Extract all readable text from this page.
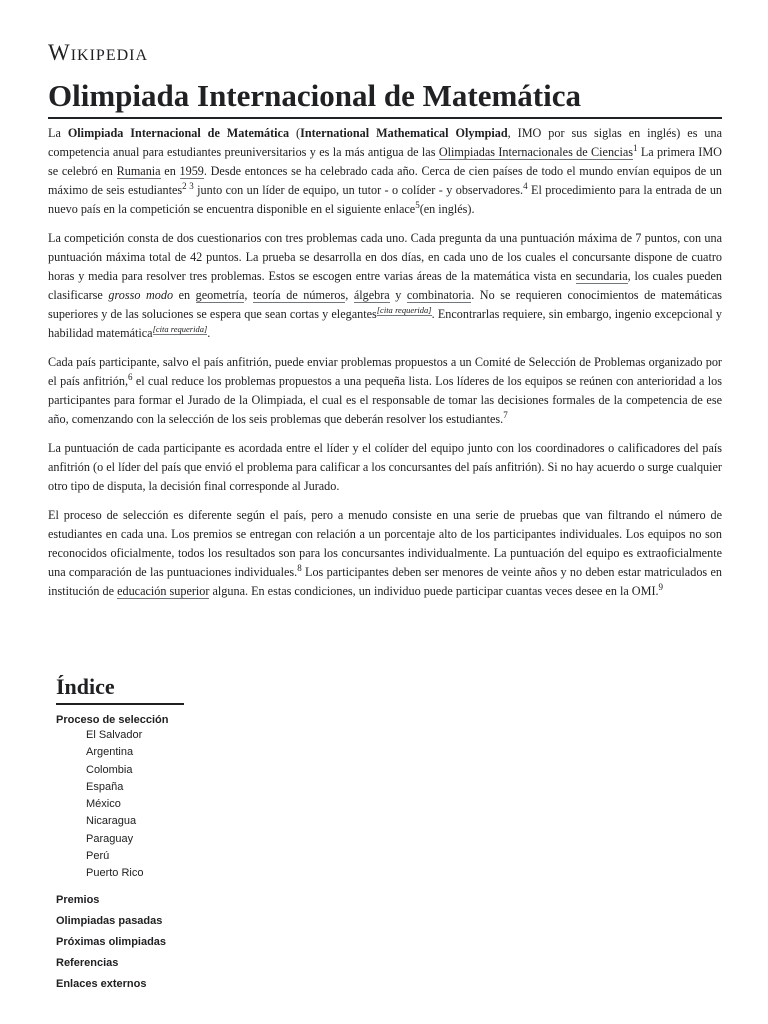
Wikipedia
Olimpiada Internacional de Matemática

La Olimpiada Internacional de Matemática (International Mathematical Olympiad, IMO por sus siglas en inglés) es una competencia anual para estudiantes preuniversitarios y es la más antigua de las Olimpiadas Internacionales de Ciencias$^1$ La primera IMO se celebró en Rumania en 1959. Desde entonces se ha celebrado cada año. Cerca de cien países de todo el mundo envían equipos de un máximo de seis estudiantes$^{2 3}$ junto con un líder de equipo, un tutor - o colíder - y observadores.$^4$ El procedimiento para la entrada de un nuevo país en la competición se encuentra disponible en el siguiente enlace$^5$(en inglés).

La competición consta de dos cuestionarios con tres problemas cada uno. Cada pregunta da una puntuación máxima de 7 puntos, con una puntuación máxima total de 42 puntos. La prueba se desarrolla en dos días, en cada uno de los cuales el concursante dispone de cuatro horas y media para resolver tres problemas. Estos se escogen entre varias áreas de la matemática vista en secundaria, los cuales pueden clasificarse grosso modo en geometría, teoría de números, álgebra y combinatoria. No se requieren conocimientos de matemáticas superiores y de las soluciones se espera que sean cortas y elegantes[cita requerida]. Encontrarlas requiere, sin embargo, ingenio excepcional y habilidad matemática[cita requerida].

Cada país participante, salvo el país anfitrión, puede enviar problemas propuestos a un Comité de Selección de Problemas organizado por el país anfitrión,$^6$ el cual reduce los problemas propuestos a una pequeña lista. Los líderes de los equipos se reúnen con anterioridad a los participantes para formar el Jurado de la Olimpiada, el cual es el responsable de tomar las decisiones formales de la competencia de ese año, comenzando con la selección de los seis problemas que deberán resolver los estudiantes.$^7$

La puntuación de cada participante es acordada entre el líder y el colíder del equipo junto con los coordinadores o calificadores del país anfitrión (o el líder del país que envió el problema para calificar a los concursantes del país anfitrión). Si no hay acuerdo o surge cualquier otro tipo de disputa, la decisión final corresponde al Jurado.

El proceso de selección es diferente según el país, pero a menudo consiste en una serie de pruebas que van filtrando el número de estudiantes en cada una. Los premios se entregan con relación a un porcentaje alto de los participantes individuales. Los equipos no son reconocidos oficialmente, todos los resultados son para los concursantes individualmente. La puntuación del equipo es extraoficialmente una comparación de las puntuaciones individuales.$^8$ Los participantes deben ser menores de veinte años y no deben estar matriculados en institución de educación superior alguna. En estas condiciones, un individuo puede participar cuantas veces desee en la OMI.$^9$

Índice
Proceso de selección
El Salvador
Argentina
Colombia
España
México
Nicaragua
Paraguay
Perú
Puerto Rico
Premios
Olimpiadas pasadas
Próximas olimpiadas
Referencias
Enlaces externos
